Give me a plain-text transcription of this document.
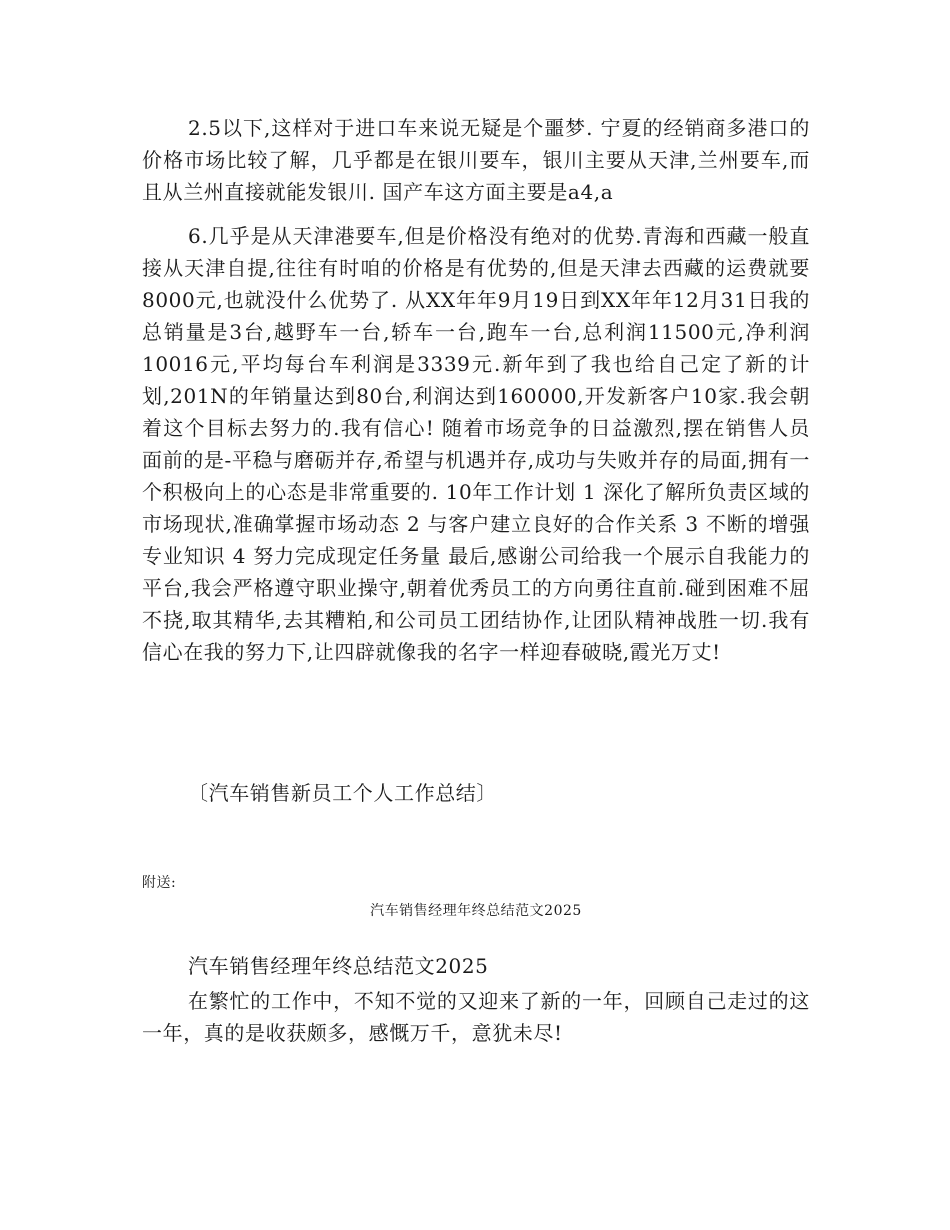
2.5以下,这样对于进口车来说无疑是个噩梦. 宁夏的经销商多港口的价格市场比较了解，几乎都是在银川要车，银川主要从天津,兰州要车,而且从兰州直接就能发银川. 国产车这方面主要是a4,a

6.几乎是从天津港要车,但是价格没有绝对的优势.青海和西藏一般直接从天津自提,往往有时咱的价格是有优势的,但是天津去西藏的运费就要8000元,也就没什么优势了. 从XX年年9月19日到XX年年12月31日我的总销量是3台,越野车一台,轿车一台,跑车一台,总利润11500元,净利润10016元,平均每台车利润是3339元.新年到了我也给自己定了新的计划,201N的年销量达到80台,利润达到160000,开发新客户10家.我会朝着这个目标去努力的.我有信心! 随着市场竞争的日益激烈,摆在销售人员面前的是-平稳与磨砺并存,希望与机遇并存,成功与失败并存的局面,拥有一个积极向上的心态是非常重要的. 10年工作计划 1 深化了解所负责区域的市场现状,准确掌握市场动态 2 与客户建立良好的合作关系 3 不断的增强专业知识 4 努力完成现定任务量 最后,感谢公司给我一个展示自我能力的平台,我会严格遵守职业操守,朝着优秀员工的方向勇往直前.碰到困难不屈不挠,取其精华,去其糟粕,和公司员工团结协作,让团队精神战胜一切.我有信心在我的努力下,让四辟就像我的名字一样迎春破晓,霞光万丈!

〔汽车销售新员工个人工作总结〕

附送:

汽车销售经理年终总结范文2025

汽车销售经理年终总结范文2025

在繁忙的工作中，不知不觉的又迎来了新的一年，回顾自己走过的这一年，真的是收获颇多，感慨万千，意犹未尽!
